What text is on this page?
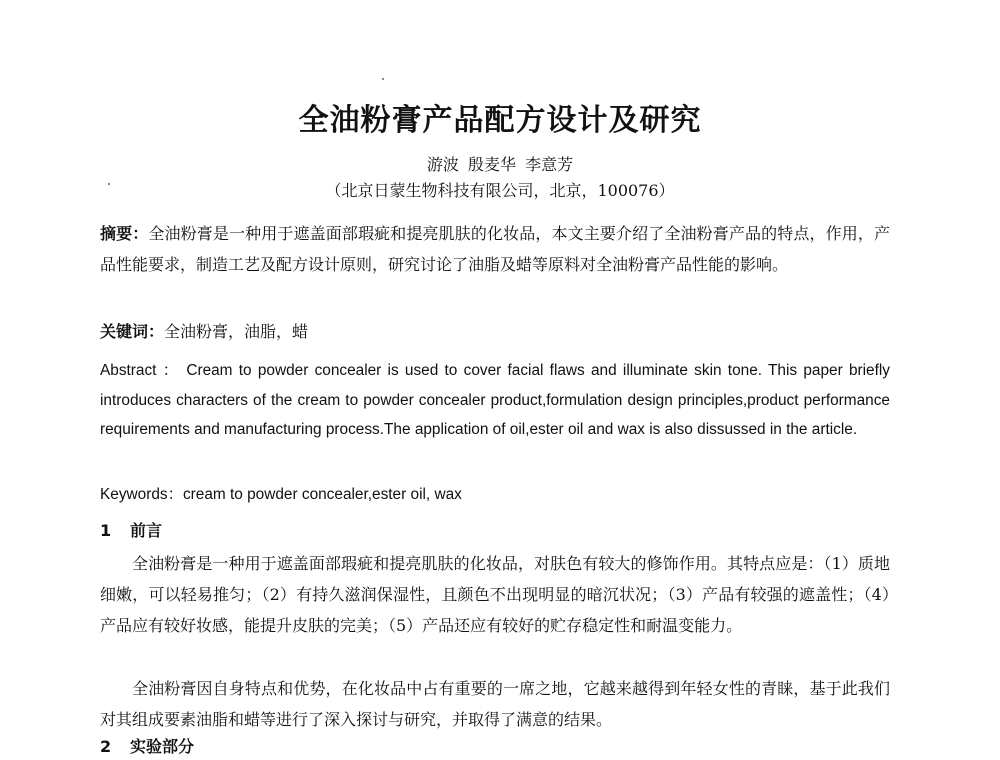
全油粉膏产品配方设计及研究
游波 殷麦华 李意芳
（北京日蒙生物科技有限公司，北京，100076）
摘要：全油粉膏是一种用于遮盖面部瑕疵和提亮肌肤的化妆品，本文主要介绍了全油粉膏产品的特点，作用，产品性能要求，制造工艺及配方设计原则，研究讨论了油脂及蜡等原料对全油粉膏产品性能的影响。
关键词：全油粉膏，油脂，蜡
Abstract ： Cream to powder concealer is used to cover facial flaws and illuminate skin tone. This paper briefly introduces characters of the cream to powder concealer product,formulation design principles,product performance requirements and manufacturing process.The application of oil,ester oil and wax is also dissussed in the article.
Keywords：cream to powder concealer,ester oil, wax
1 前言
全油粉膏是一种用于遮盖面部瑕疵和提亮肌肤的化妆品，对肤色有较大的修饰作用。其特点应是：（1）质地细嫩，可以轻易推匀；（2）有持久滋润保湿性，且颜色不出现明显的暗沉状况；（3）产品有较强的遮盖性；（4）产品应有较好妆感，能提升皮肤的完美；（5）产品还应有较好的贮存稳定性和耐温变能力。
全油粉膏因自身特点和优势，在化妆品中占有重要的一席之地，它越来越得到年轻女性的青睐，基于此我们对其组成要素油脂和蜡等进行了深入探讨与研究，并取得了满意的结果。
2 实验部分
